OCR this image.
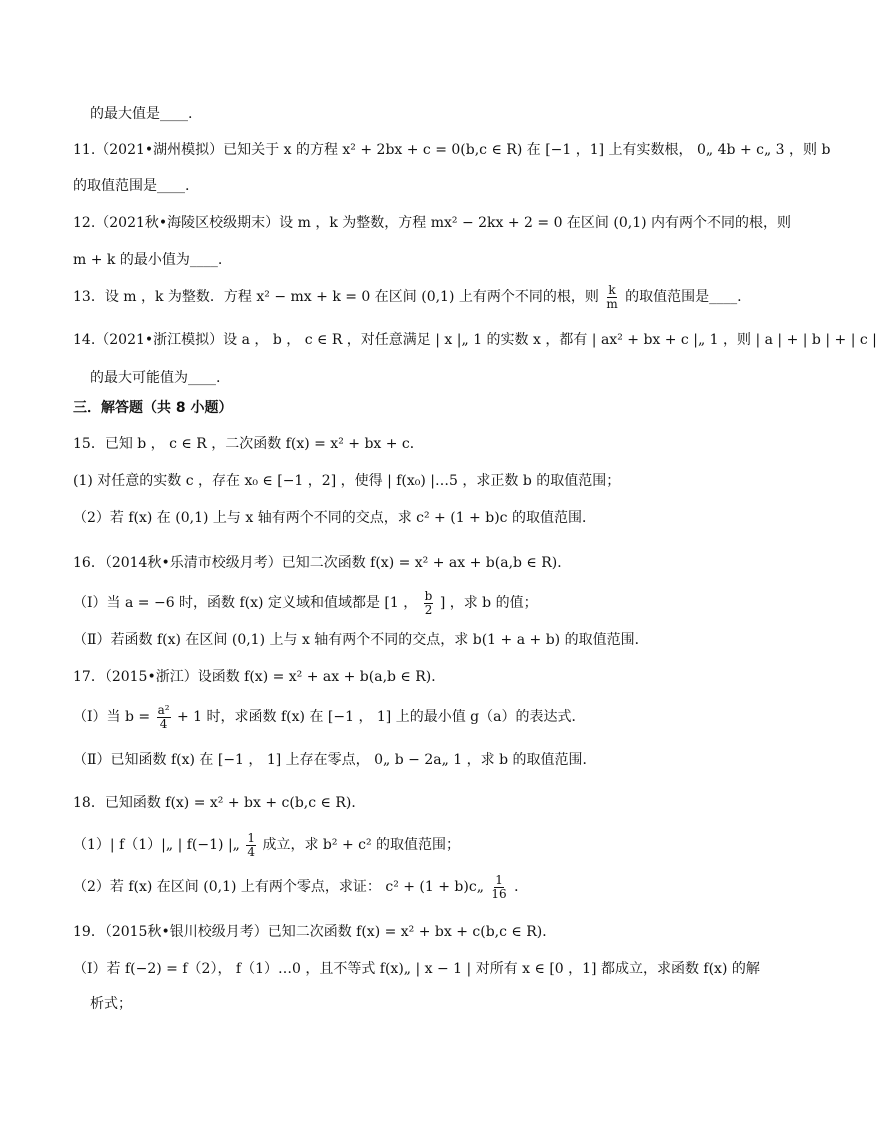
的最大值是____.
11.（2021•湖州模拟）已知关于 x 的方程 x² + 2bx + c = 0(b,c ∈ R) 在 [−1 ，1] 上有实数根， 0„ 4b + c„ 3 ，则 b
的取值范围是____.
12.（2021秋•海陵区校级期末）设 m ，k 为整数，方程 mx² − 2kx + 2 = 0 在区间 (0,1) 内有两个不同的根，则
m + k 的最小值为____.
13．设 m ，k 为整数．方程 x² − mx + k = 0 在区间 (0,1) 上有两个不同的根，则 $\frac{k}{m}$ 的取值范围是____.
14.（2021•浙江模拟）设 a ， b ， c ∈ R ，对任意满足 | x |„ 1 的实数 x ，都有 | ax² + bx + c |„ 1 ，则 | a | + | b | + | c |
的最大可能值为____.
三．解答题（共 8 小题）
15．已知 b ， c ∈ R ，二次函数 f(x) = x² + bx + c．
(1) 对任意的实数 c ，存在 x₀ ∈ [−1 ，2] ，使得 | f(x₀) |…5 ，求正数 b 的取值范围；
（2）若 f(x) 在 (0,1) 上与 x 轴有两个不同的交点，求 c² + (1 + b)c 的取值范围．
16．（2014秋•乐清市校级月考）已知二次函数 f(x) = x² + ax + b(a,b ∈ R)．
（Ⅰ）当 a = −6 时，函数 f(x) 定义域和值域都是 [1 ， $\frac{b}{2}$ ] ，求 b 的值；
（Ⅱ）若函数 f(x) 在区间 (0,1) 上与 x 轴有两个不同的交点，求 b(1 + a + b) 的取值范围．
17．（2015•浙江）设函数 f(x) = x² + ax + b(a,b ∈ R)．
（Ⅰ）当 $b = \frac{\text{a²}}{4} + 1$ 时，求函数 f(x) 在 [−1 ， 1] 上的最小值 g（a）的表达式．
（Ⅱ）已知函数 f(x) 在 [−1 ， 1] 上存在零点， 0„ b − 2a„ 1 ，求 b 的取值范围．
18．已知函数 f(x) = x² + bx + c(b,c ∈ R)．
（1）| f（1）|„ | f(−1) |„ $\frac{1}{4}$ 成立，求 b² + c² 的取值范围；
（2）若 f(x) 在区间 (0,1) 上有两个零点，求证： c² + (1 + b)c„ $\frac{1}{16}$ ．
19．（2015秋•银川校级月考）已知二次函数 f(x) = x² + bx + c(b,c ∈ R)．
（Ⅰ）若 f(−2) = f（2）， f（1）…0 ，且不等式 f(x)„ | x − 1 | 对所有 x ∈ [0 ，1] 都成立，求函数 f(x) 的解
析式；
